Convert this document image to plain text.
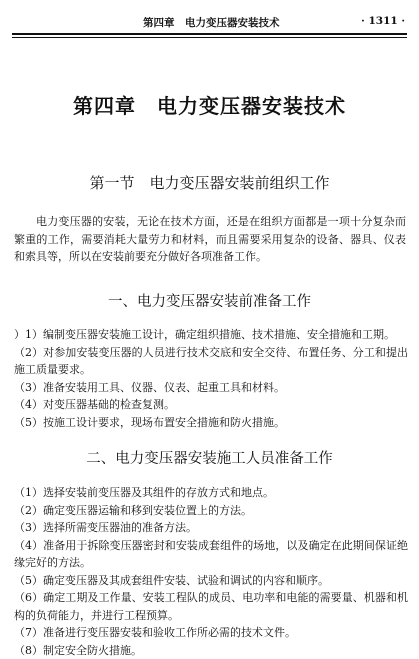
第四章　电力变压器安装技术	· 1311 ·
第四章　电力变压器安装技术
第一节　电力变压器安装前组织工作

电力变压器的安装，无论在技术方面，还是在组织方面都是一项十分复杂而繁重的工作，需要消耗大量劳力和材料，而且需要采用复杂的设备、器具、仪表和索具等，所以在安装前要充分做好各项准备工作。

一、电力变压器安装前准备工作
）1）编制变压器安装施工设计，确定组织措施、技术措施、安全措施和工期。
（2）对参加安装变压器的人员进行技术交底和安全交待、布置任务、分工和提出施工质量要求。
（3）准备安装用工具、仪器、仪表、起重工具和材料。
（4）对变压器基础的检查复测。
（5）按施工设计要求，现场布置安全措施和防火措施。
二、电力变压器安装施工人员准备工作
（1）选择安装前变压器及其组件的存放方式和地点。
（2）确定变压器运输和移到安装位置上的方法。
（3）选择所需变压器油的准备方法。
（4）准备用于拆除变压器密封和安装成套组件的场地，以及确定在此期间保证绝缘完好的方法。
（5）确定变压器及其成套组件安装、试验和调试的内容和顺序。
（6）确定工期及工作量、安装工程队的成员、电功率和电能的需要量、机器和机构的负荷能力，并进行工程预算。
（7）准备进行变压器安装和验收工作所必需的技术文件。
（8）制定安全防火措施。
